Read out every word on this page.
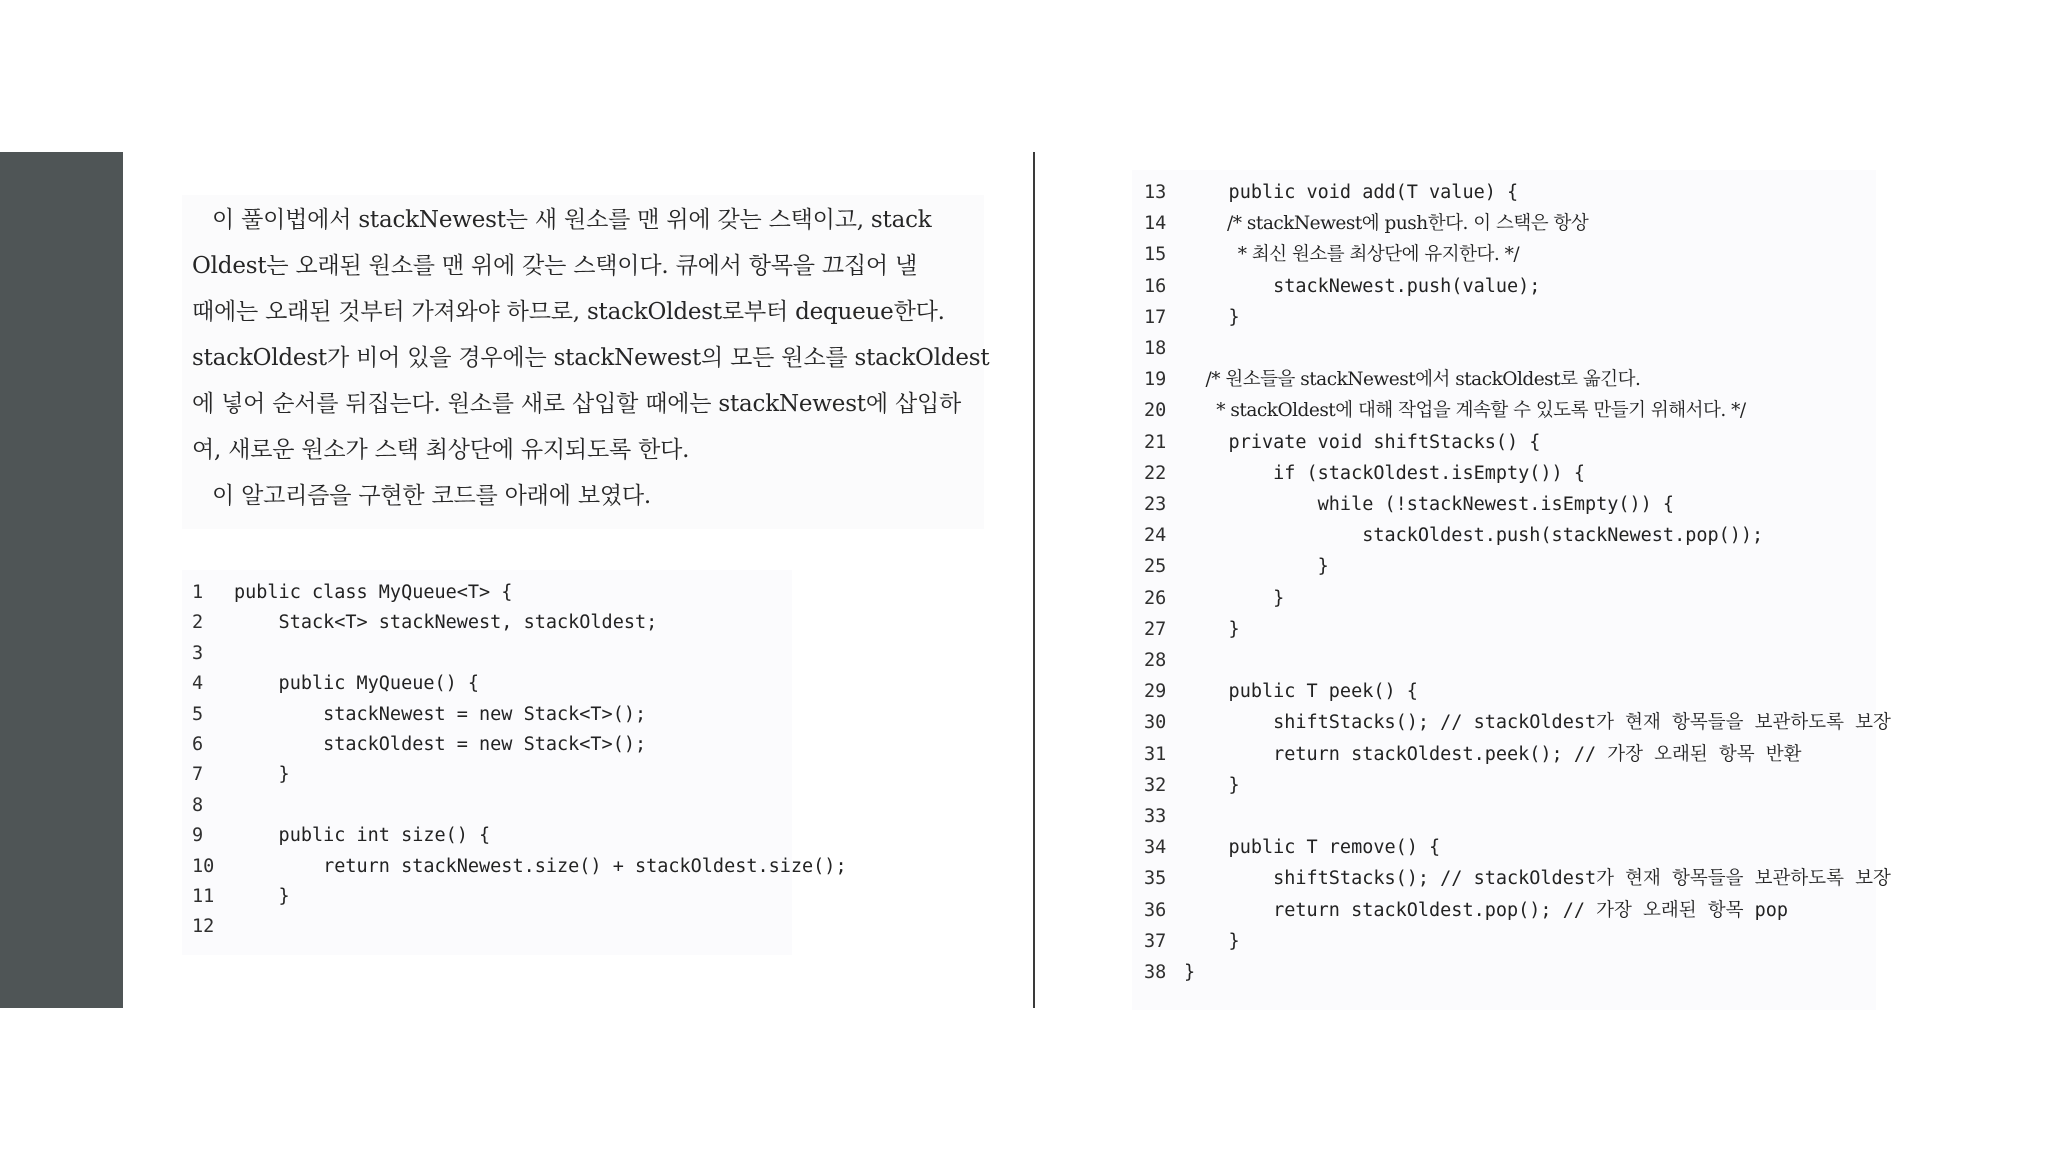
이 풀이법에서 stackNewest는 새 원소를 맨 위에 갖는 스택이고, stack
Oldest는 오래된 원소를 맨 위에 갖는 스택이다. 큐에서 항목을 끄집어 낼
때에는 오래된 것부터 가져와야 하므로, stackOldest로부터 dequeue한다.
stackOldest가 비어 있을 경우에는 stackNewest의 모든 원소를 stackOldest
에 넣어 순서를 뒤집는다. 원소를 새로 삽입할 때에는 stackNewest에 삽입하
여, 새로운 원소가 스택 최상단에 유지되도록 한다.
이 알고리즘을 구현한 코드를 아래에 보였다.
1	public class MyQueue<T> {
2	Stack<T> stackNewest, stackOldest;
3
4	public MyQueue() {
5	stackNewest = new Stack<T>();
6	stackOldest = new Stack<T>();
7	}
8
9	public int size() {
10	return stackNewest.size() + stackOldest.size();
11	}
12
13 public void add(T value) {
14 /* stackNewest에 push한다. 이 스택은 항상
15 * 최신 원소를 최상단에 유지한다. */
16 stackNewest.push(value);
17 }
18
19 /* 원소들을 stackNewest에서 stackOldest로 옮긴다.
20 * stackOldest에 대해 작업을 계속할 수 있도록 만들기 위해서다. */
21 private void shiftStacks() {
22 if (stackOldest.isEmpty()) {
23 while (!stackNewest.isEmpty()) {
24 stackOldest.push(stackNewest.pop());
25 }
26 }
27 }
28
29 public T peek() {
30 shiftStacks(); // stackOldest가 현재 항목들을 보관하도록 보장
31 return stackOldest.peek(); // 가장 오래된 항목 반환
32 }
33
34 public T remove() {
35 shiftStacks(); // stackOldest가 현재 항목들을 보관하도록 보장
36 return stackOldest.pop(); // 가장 오래된 항목 pop
37 }
38 }
